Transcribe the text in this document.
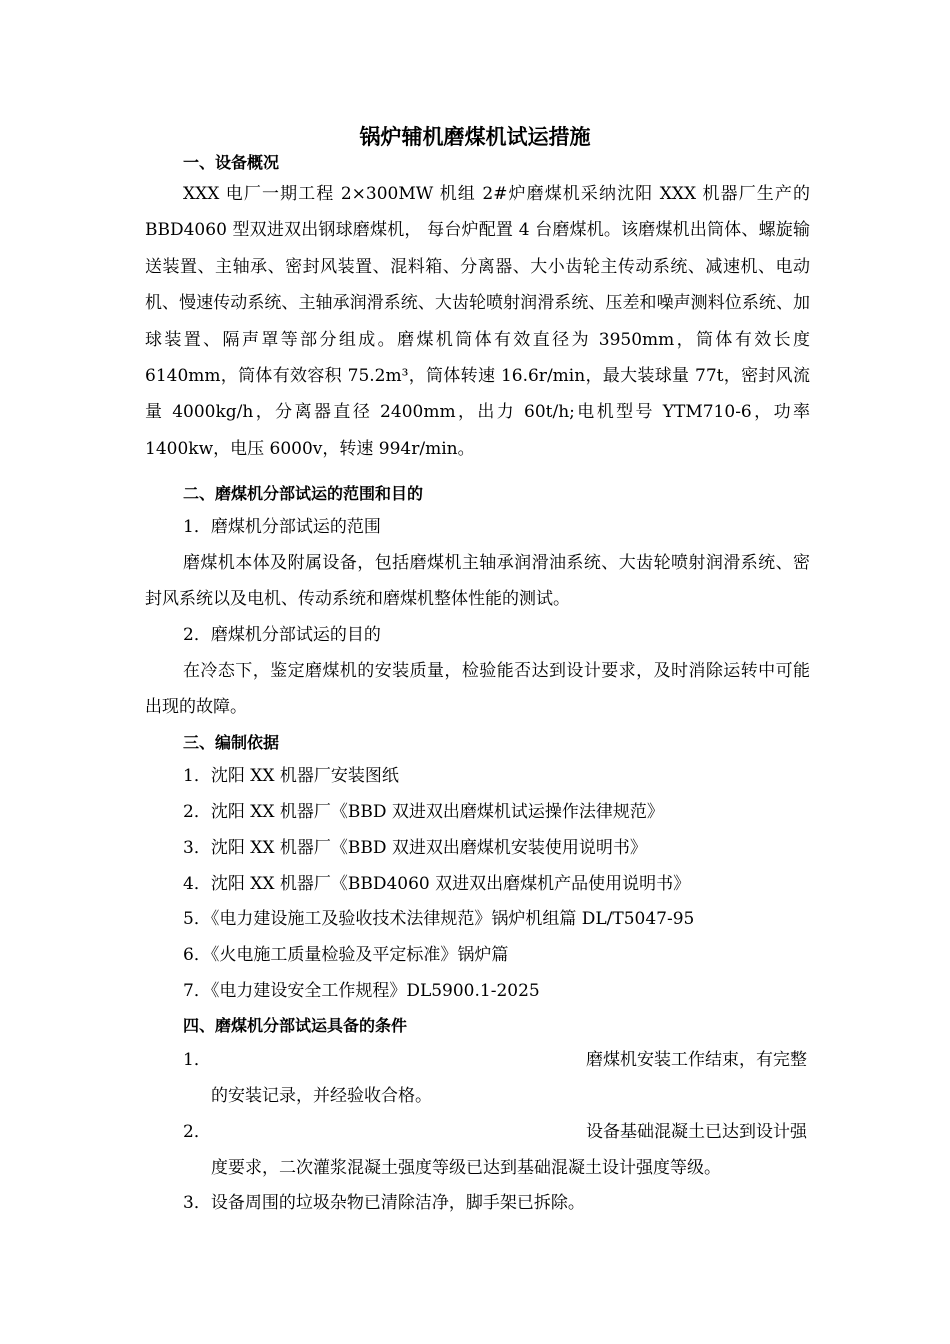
锅炉辅机磨煤机试运措施
一、设备概况

XXX 电厂一期工程 2×300MW 机组 2#炉磨煤机采纳沈阳 XXX 机器厂生产的 BBD4060 型双进双出钢球磨煤机， 每台炉配置 4 台磨煤机。该磨煤机出筒体、螺旋输送装置、主轴承、密封风装置、混料箱、分离器、大小齿轮主传动系统、减速机、电动机、慢速传动系统、主轴承润滑系统、大齿轮喷射润滑系统、压差和噪声测料位系统、加球装置、隔声罩等部分组成。磨煤机筒体有效直径为 3950mm，筒体有效长度 6140mm，筒体有效容积 75.2m³，筒体转速 16.6r/min，最大装球量 77t，密封风流量 4000kg/h，分离器直径 2400mm，出力 60t/h;电机型号 YTM710-6，功率 1400kw，电压 6000v，转速 994r/min。

二、磨煤机分部试运的范围和目的
1．磨煤机分部试运的范围

磨煤机本体及附属设备，包括磨煤机主轴承润滑油系统、大齿轮喷射润滑系统、密封风系统以及电机、传动系统和磨煤机整体性能的测试。

2．磨煤机分部试运的目的

在冷态下，鉴定磨煤机的安装质量，检验能否达到设计要求，及时消除运转中可能出现的故障。

三、编制依据
1．沈阳 XX 机器厂安装图纸
2．沈阳 XX 机器厂《BBD 双进双出磨煤机试运操作法律规范》
3．沈阳 XX 机器厂《BBD 双进双出磨煤机安装使用说明书》
4．沈阳 XX 机器厂《BBD4060 双进双出磨煤机产品使用说明书》
5．《电力建设施工及验收技术法律规范》锅炉机组篇 DL/T5047-95
6．《火电施工质量检验及平定标准》锅炉篇
7．《电力建设安全工作规程》DL5900.1-2025
四、磨煤机分部试运具备的条件
1．	磨煤机安装工作结束，有完整
的安装记录，并经验收合格。
2．	设备基础混凝土已达到设计强
度要求，二次灌浆混凝土强度等级已达到基础混凝土设计强度等级。
3．设备周围的垃圾杂物已清除洁净，脚手架已拆除。
